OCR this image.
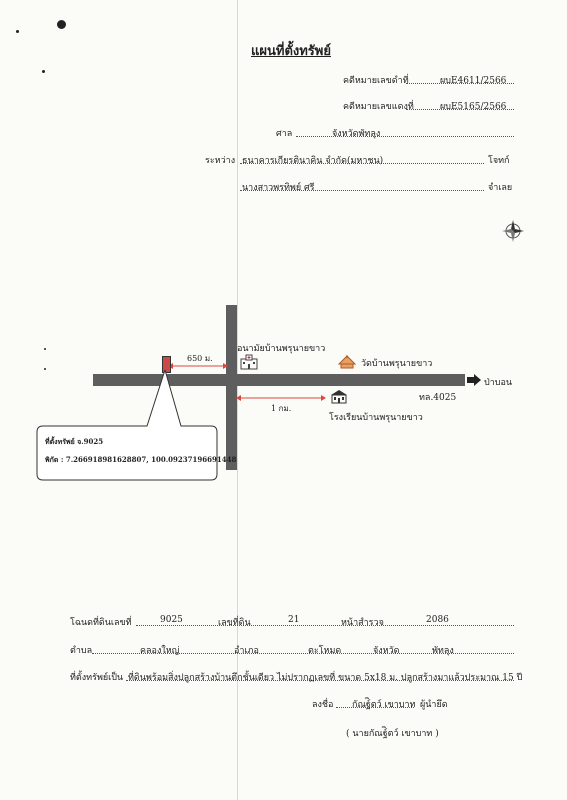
แผนที่ตั้งทรัพย์
คดีหมายเลขดำที่	ผบE4611/2566
คดีหมายเลขแดงที่	ผบE5165/2566
ศาล	จังหวัดพัทลุง
ระหว่าง ธนาคารเกียรตินาคิน จำกัด(มหาชน)	โจทก์
นางสาวพรทิพย์ ศรี	จำเลย
650 ม.
1 กม.
อนามัยบ้านพรุนายขาว
วัดบ้านพรุนายขาว
โรงเรียนบ้านพรุนายขาว
ทล.4025
ป่าบอน
ที่ตั้งทรัพย์ จ.9025
พิกัด : 7.266918981628807, 100.09237196691448
โฉนดที่ดินเลขที่	9025	เลขที่ดิน	21	หน้าสำรวจ	2086
ตำบล	คลองใหญ่	อำเภอ	ตะโหมด	จังหวัด	พัทลุง
ที่ตั้งทรัพย์เป็น ที่ดินพร้อมสิ่งปลูกสร้างบ้านตึกชั้นเดียว ไม่ปรากฏเลขที่ ขนาด 5x18 ม. ปลูกสร้างมาแล้วประมาณ 15 ปี
ลงชื่อ กัณฐ์ิตว์ เขาบาท ผู้นำยึด
( นายกัณฐ์ิตว์ เขาบาท )
